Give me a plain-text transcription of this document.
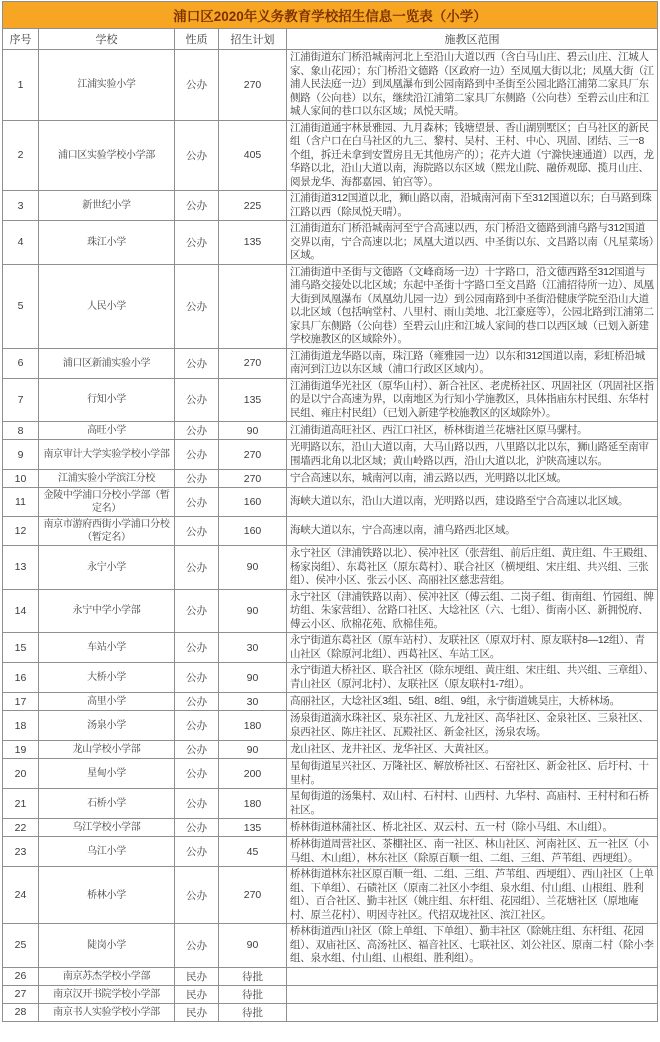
浦口区2020年义务教育学校招生信息一览表（小学）				
序号	学校	性质	招生计划	施教区范围
1	江浦实验小学	公办	270	江浦街道东门桥沿城南河北上至沿山大道以西（含白马山庄、碧云山庄、江城人家、象山花园）；东门桥沿文德路（区政府一边）至凤凰大街以北；凤凰大街（江浦人民法庭一边）到凤凰瀑布到公园南路到中圣街至公园北路江浦第二家具厂东侧路（公向巷）以东，继续沿江浦第二家具厂东侧路（公向巷）至碧云山庄和江城人家间的巷口以东区域；凤悦天晴。
2	浦口区实验学校小学部	公办	405	江浦街道通宇林景雅园、九月森林；钱塘望景、香山湖别墅区；白马社区的新民组（含户口在白马社区的九三、黎村、吴村、王村、中心、巩固、团结、三一8个组，拆迁未拿到安置房且无其他房产的）；花卉大道（宁滁快速通道）以西，龙华路以北，沿山大道以南，海院路以东区域（熙龙山院、融侨观邸、揽月山庄、阅景龙华、海都嘉园、铂宫等）。
3	新世纪小学	公办	225	江浦街道312国道以北，狮山路以南，沿城南河南下至312国道以东；白马路到珠江路以西（除凤悦天晴）。
4	珠江小学	公办	135	江浦街道东门桥沿城南河至宁合高速以西，东门桥沿文德路到浦乌路与312国道交界以南，宁合高速以北；凤凰大道以西、中圣街以东、文昌路以南（凡星菜场）区域。
5	人民小学	公办		江浦街道中圣街与文德路（文峰商场一边）十字路口，沿文德西路至312国道与浦乌路交接处以北区域；东起中圣街十字路口至文昌路（江浦招待所一边）、凤凰大街到凤凰瀑布（凤凰幼儿园一边）到公园南路到中圣街沿健康学院至沿山大道以北区域（包括响堂村、八里村、雨山美地、北江豪庭等），公园北路到江浦第二家具厂东侧路（公向巷）至碧云山庄和江城人家间的巷口以西区域（已划入新建学校施教区的区域除外）。
6	浦口区新浦实验小学	公办	270	江浦街道龙华路以南，珠江路（雍雅园一边）以东和312国道以南，彩虹桥沿城南河到江边以东区域（浦口行政区区域内）。
7	行知小学	公办	135	江浦街道华光社区（原华山村）、新合社区、老虎桥社区、巩固社区（巩固社区指的是以宁合高速为界，以南地区为行知小学施教区，具体指庙东村民组、东华村民组、雍庄村民组）（已划入新建学校施教区的区域除外）。
8	高旺小学	公办	90	江浦街道高旺社区、西江口社区，桥林街道兰花塘社区原马骡村。
9	南京审计大学实验学校小学部	公办	270	光明路以东，沿山大道以南，大马山路以西，八里路以北以东，狮山路延至南审围墙西北角以北区域；黄山岭路以西，沿山大道以北，沪陕高速以东。
10	江浦实验小学滨江分校	公办	270	宁合高速以东，城南河以南，浦云路以西，光明路以北区域。
11	金陵中学浦口分校小学部（暂定名）	公办	160	海峡大道以东，沿山大道以南，光明路以西，建设路至宁合高速以北区域。
12	南京市游府西街小学浦口分校（暂定名）	公办	160	海峡大道以东，宁合高速以南，浦乌路西北区域。
13	永宁小学	公办	90	永宁社区（津浦铁路以北）、侯冲社区（张营组、前后庄组、黄庄组、牛王殿组、杨家岗组）、东葛社区（原东葛村）、联合社区（横埂组、宋庄组、共兴组、三张组）、侯冲小区、张云小区、高丽社区慈悲营组。
14	永宁中学小学部	公办	90	永宁社区（津浦铁路以南）、侯冲社区（傅云组、二岗子组、街南组、竹园组、牌坊组、朱家营组）、岔路口社区、大埝社区（六、七组）、街南小区、新拥悦府、傅云小区、欣棉花苑、欣棉佳苑。
15	车站小学	公办	30	永宁街道东葛社区（原车站村）、友联社区（原双圩村、原友联村8—12组）、青山社区（除原河北组）、西葛社区、车站工区。
16	大桥小学	公办	90	永宁街道大桥社区、联合社区（除东埂组、黄庄组、宋庄组、共兴组、三章组）、青山社区（原河北村）、友联社区（原友联村1-7组）。
17	高里小学	公办	30	高丽社区，大埝社区3组、5组、8组、9组，永宁街道姚昊庄，大桥林场。
18	汤泉小学	公办	180	汤泉街道滴水珠社区、泉东社区、九龙社区、高华社区、金泉社区、三泉社区、泉西社区、陈庄社区、瓦殿社区、新金社区，汤泉农场。
19	龙山学校小学部	公办	90	龙山社区、龙井社区、龙华社区、大黄社区。
20	星甸小学	公办	200	星甸街道星兴社区、万隆社区、解放桥社区、石窑社区、新金社区、后圩村、十里村。
21	石桥小学	公办	180	星甸街道的汤集村、双山村、石村村、山西村、九华村、高庙村、王村村和石桥社区。
22	乌江学校小学部	公办	135	桥林街道林蒲社区、桥北社区、双云村、五一村（除小马组、木山组）。
23	乌江小学	公办	45	桥林街道周营社区、茶棚社区、南一社区、林山社区、河南社区、五一社区（小马组、木山组），林东社区（除原百顺一组、二组、三组、芦苇组、西埂组）。
24	桥林小学	公办	270	桥林街道林东社区原百顺一组、二组、三组、芦苇组、西埂组）、西山社区（上单组、下单组）、石碛社区（原南二社区小李组、泉水组、付山组、山根组、胜利组）、百合社区、勤丰社区（姚庄组、东杆组、花园组）、兰花塘社区（原地庵村、原兰花村）、明因寺社区。代招双垅社区、滨江社区。
25	陡岗小学	公办	90	桥林街道西山社区（除上单组、下单组）、勤丰社区（除姚庄组、东杆组、花园组）、双庙社区、高汤社区、福音社区、七联社区、刘公社区、原南二村（除小李组、泉水组、付山组、山根组、胜利组）。
26	南京苏杰学校小学部	民办	待批	
27	南京汉开书院学校小学部	民办	待批	
28	南京书人实验学校小学部	民办	待批	
